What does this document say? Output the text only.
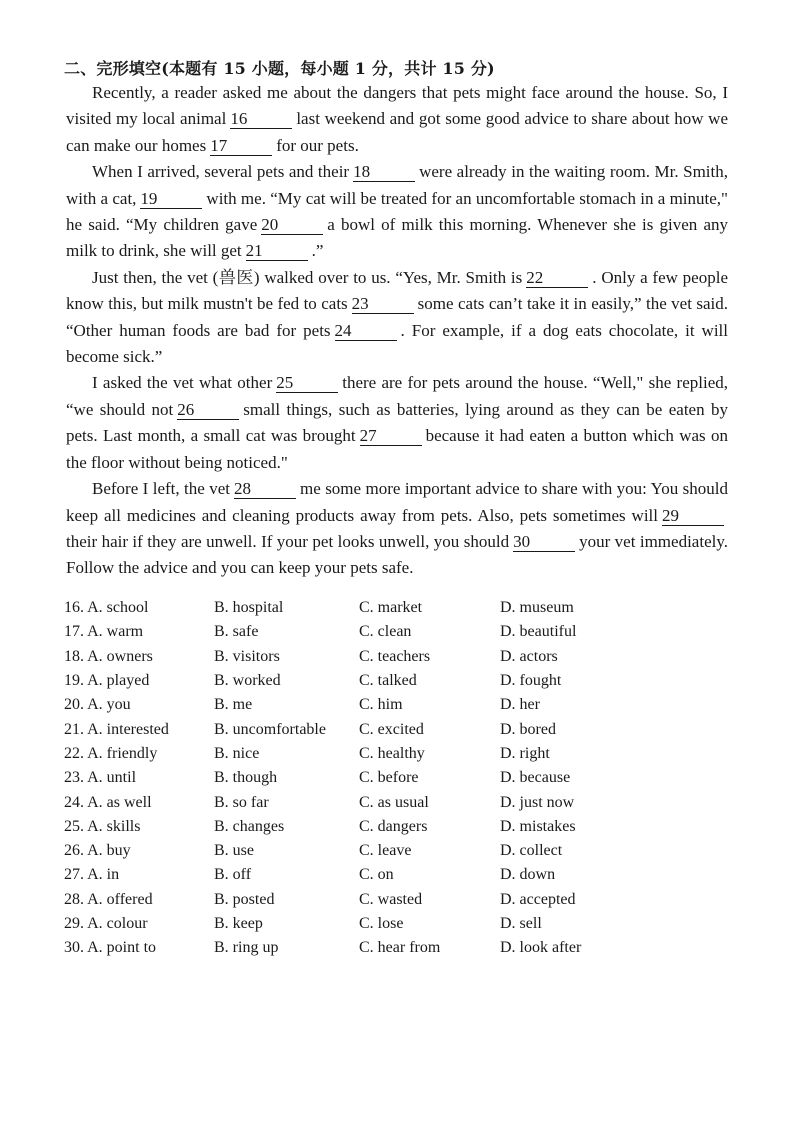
二、完形填空(本题有 15 小题，每小题 1 分，共计 15 分)

Recently, a reader asked me about the dangers that pets might face around the house. So, I visited my local animal 16	last weekend and got some good advice to share about how we can make our homes 17	for our pets.

When I arrived, several pets and their 18	were already in the waiting room. Mr. Smith, with a cat, 19	with me. “My cat will be treated for an uncomfortable stomach in a minute," he said. “My children gave 20	a bowl of milk this morning. Whenever she is given any milk to drink, she will get 21	.”

Just then, the vet (兽医) walked over to us. “Yes, Mr. Smith is 22	. Only a few people know this, but milk mustn't be fed to cats 23	some cats can’t take it in easily,” the vet said. “Other human foods are bad for pets 24	. For example, if a dog eats chocolate, it will become sick.”

I asked the vet what other 25	there are for pets around the house. “Well," she replied, “we should not 26	small things, such as batteries, lying around as they can be eaten by pets. Last month, a small cat was brought 27	because it had eaten a button which was on the floor without being noticed."

Before I left, the vet 28	me some more important advice to share with you: You should keep all medicines and cleaning products away from pets. Also, pets sometimes will 29their hair if they are unwell. If your pet looks unwell, you should 30	your vet immediately. Follow the advice and you can keep your pets safe.

16. A. school	B. hospital	C. market	D. museum
17. A. warm	B. safe	C. clean	D. beautiful
18. A. owners	B. visitors	C. teachers	D. actors
19. A. played	B. worked	C. talked	D. fought
20. A. you	B. me	C. him	D. her
21. A. interested	B. uncomfortable	C. excited	D. bored
22. A. friendly	B. nice	C. healthy	D. right
23. A. until	B. though	C. before	D. because
24. A. as well	B. so far	C. as usual	D. just now
25. A. skills	B. changes	C. dangers	D. mistakes
26. A. buy	B. use	C. leave	D. collect
27. A. in	B. off	C. on	D. down
28. A. offered	B. posted	C. wasted	D. accepted
29. A. colour	B. keep	C. lose	D. sell
30. A. point to	B. ring up	C. hear from	D. look after
